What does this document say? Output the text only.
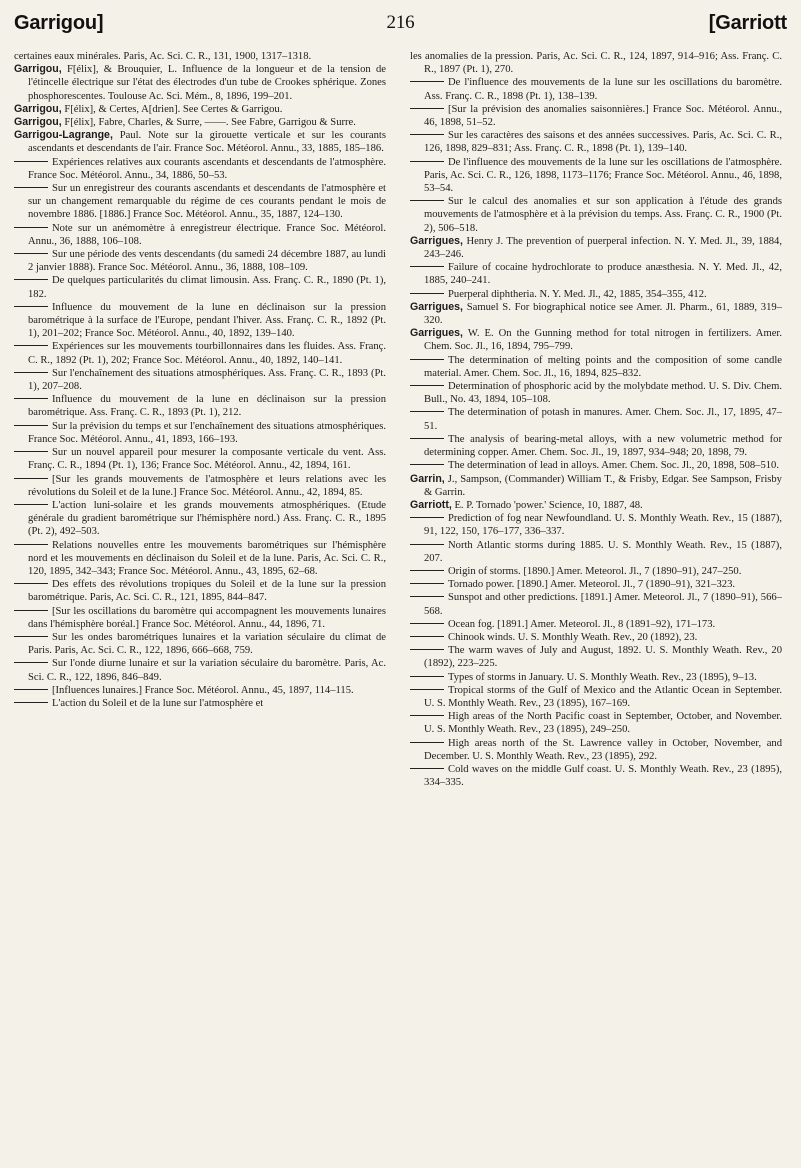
Garrigou]	216	[Garriott

certaines eaux minérales. Paris, Ac. Sci. C. R., 131, 1900, 1317–1318.

Garrigou, F[élix], & Brouquier, L. Influence de la longueur et de la tension de l'étincelle électrique sur l'état des électrodes d'un tube de Crookes sphérique. Zones phosphorescentes. Toulouse Ac. Sci. Mém., 8, 1896, 199–201.

Garrigou, F[élix], & Certes, A[drien]. See Certes & Garrigou.

Garrigou, F[élix], Fabre, Charles, & Surre, ——. See Fabre, Garrigou & Surre.

Garrigou-Lagrange, Paul. Note sur la girouette verticale et sur les courants ascendants et descendants de l'air. France Soc. Météorol. Annu., 33, 1885, 185–186.

Expériences relatives aux courants ascendants et descendants de l'atmosphère. France Soc. Météorol. Annu., 34, 1886, 50–53.

Sur un enregistreur des courants ascendants et descendants de l'atmosphère et sur un changement remarquable du régime de ces courants pendant le mois de novembre 1886. [1886.] France Soc. Météorol. Annu., 35, 1887, 124–130.

Note sur un anémomètre à enregistreur électrique. France Soc. Météorol. Annu., 36, 1888, 106–108.

Sur une période des vents descendants (du samedi 24 décembre 1887, au lundi 2 janvier 1888). France Soc. Météorol. Annu., 36, 1888, 108–109.

De quelques particularités du climat limousin. Ass. Franç. C. R., 1890 (Pt. 1), 182.

Influence du mouvement de la lune en déclinaison sur la pression barométrique à la surface de l'Europe, pendant l'hiver. Ass. Franç. C. R., 1892 (Pt. 1), 201–202; France Soc. Météorol. Annu., 40, 1892, 139–140.

Expériences sur les mouvements tourbillonnaires dans les fluides. Ass. Franç. C. R., 1892 (Pt. 1), 202; France Soc. Météorol. Annu., 40, 1892, 140–141.

Sur l'enchaînement des situations atmosphériques. Ass. Franç. C. R., 1893 (Pt. 1), 207–208.

Influence du mouvement de la lune en déclinaison sur la pression barométrique. Ass. Franç. C. R., 1893 (Pt. 1), 212.

Sur la prévision du temps et sur l'enchaînement des situations atmosphériques. France Soc. Météorol. Annu., 41, 1893, 166–193.

Sur un nouvel appareil pour mesurer la composante verticale du vent. Ass. Franç. C. R., 1894 (Pt. 1), 136; France Soc. Météorol. Annu., 42, 1894, 161.

[Sur les grands mouvements de l'atmosphère et leurs relations avec les révolutions du Soleil et de la lune.] France Soc. Météorol. Annu., 42, 1894, 85.

L'action luni-solaire et les grands mouvements atmosphériques. (Etude générale du gradient barométrique sur l'hémisphère nord.) Ass. Franç. C. R., 1895 (Pt. 2), 492–503.

Relations nouvelles entre les mouvements barométriques sur l'hémisphère nord et les mouvements en déclinaison du Soleil et de la lune. Paris, Ac. Sci. C. R., 120, 1895, 342–343; France Soc. Météorol. Annu., 43, 1895, 62–68.

Des effets des révolutions tropiques du Soleil et de la lune sur la pression barométrique. Paris, Ac. Sci. C. R., 121, 1895, 844–847.

[Sur les oscillations du baromètre qui accompagnent les mouvements lunaires dans l'hémisphère boréal.] France Soc. Météorol. Annu., 44, 1896, 71.

Sur les ondes barométriques lunaires et la variation séculaire du climat de Paris. Paris, Ac. Sci. C. R., 122, 1896, 666–668, 759.

Sur l'onde diurne lunaire et sur la variation séculaire du baromètre. Paris, Ac. Sci. C. R., 122, 1896, 846–849.

[Influences lunaires.] France Soc. Météorol. Annu., 45, 1897, 114–115.

L'action du Soleil et de la lune sur l'atmosphère et

les anomalies de la pression. Paris, Ac. Sci. C. R., 124, 1897, 914–916; Ass. Franç. C. R., 1897 (Pt. 1), 270.

De l'influence des mouvements de la lune sur les oscillations du baromètre. Ass. Franç. C. R., 1898 (Pt. 1), 138–139.

[Sur la prévision des anomalies saisonnières.] France Soc. Météorol. Annu., 46, 1898, 51–52.

Sur les caractères des saisons et des années successives. Paris, Ac. Sci. C. R., 126, 1898, 829–831; Ass. Franç. C. R., 1898 (Pt. 1), 139–140.

De l'influence des mouvements de la lune sur les oscillations de l'atmosphère. Paris, Ac. Sci. C. R., 126, 1898, 1173–1176; France Soc. Météorol. Annu., 46, 1898, 53–54.

Sur le calcul des anomalies et sur son application à l'étude des grands mouvements de l'atmosphère et à la prévision du temps. Ass. Franç. C. R., 1900 (Pt. 2), 506–518.

Garrigues, Henry J. The prevention of puerperal infection. N. Y. Med. Jl., 39, 1884, 243–246.

Failure of cocaine hydrochlorate to produce anæsthesia. N. Y. Med. Jl., 42, 1885, 240–241.

Puerperal diphtheria. N. Y. Med. Jl., 42, 1885, 354–355, 412.

Garrigues, Samuel S. For biographical notice see Amer. Jl. Pharm., 61, 1889, 319–320.

Garrigues, W. E. On the Gunning method for total nitrogen in fertilizers. Amer. Chem. Soc. Jl., 16, 1894, 795–799.

The determination of melting points and the composition of some candle material. Amer. Chem. Soc. Jl., 16, 1894, 825–832.

Determination of phosphoric acid by the molybdate method. U. S. Div. Chem. Bull., No. 43, 1894, 105–108.

The determination of potash in manures. Amer. Chem. Soc. Jl., 17, 1895, 47–51.

The analysis of bearing-metal alloys, with a new volumetric method for determining copper. Amer. Chem. Soc. Jl., 19, 1897, 934–948; 20, 1898, 79.

The determination of lead in alloys. Amer. Chem. Soc. Jl., 20, 1898, 508–510.

Garrin, J., Sampson, (Commander) William T., & Frisby, Edgar. See Sampson, Frisby & Garrin.

Garriott, E. P. Tornado 'power.' Science, 10, 1887, 48.

Prediction of fog near Newfoundland. U. S. Monthly Weath. Rev., 15 (1887), 91, 122, 150, 176–177, 336–337.

North Atlantic storms during 1885. U. S. Monthly Weath. Rev., 15 (1887), 207.

Origin of storms. [1890.] Amer. Meteorol. Jl., 7 (1890–91), 247–250.

Tornado power. [1890.] Amer. Meteorol. Jl., 7 (1890–91), 321–323.

Sunspot and other predictions. [1891.] Amer. Meteorol. Jl., 7 (1890–91), 566–568.

Ocean fog. [1891.] Amer. Meteorol. Jl., 8 (1891–92), 171–173.

Chinook winds. U. S. Monthly Weath. Rev., 20 (1892), 23.

The warm waves of July and August, 1892. U. S. Monthly Weath. Rev., 20 (1892), 223–225.

Types of storms in January. U. S. Monthly Weath. Rev., 23 (1895), 9–13.

Tropical storms of the Gulf of Mexico and the Atlantic Ocean in September. U. S. Monthly Weath. Rev., 23 (1895), 167–169.

High areas of the North Pacific coast in September, October, and November. U. S. Monthly Weath. Rev., 23 (1895), 249–250.

High areas north of the St. Lawrence valley in October, November, and December. U. S. Monthly Weath. Rev., 23 (1895), 292.

Cold waves on the middle Gulf coast. U. S. Monthly Weath. Rev., 23 (1895), 334–335.
